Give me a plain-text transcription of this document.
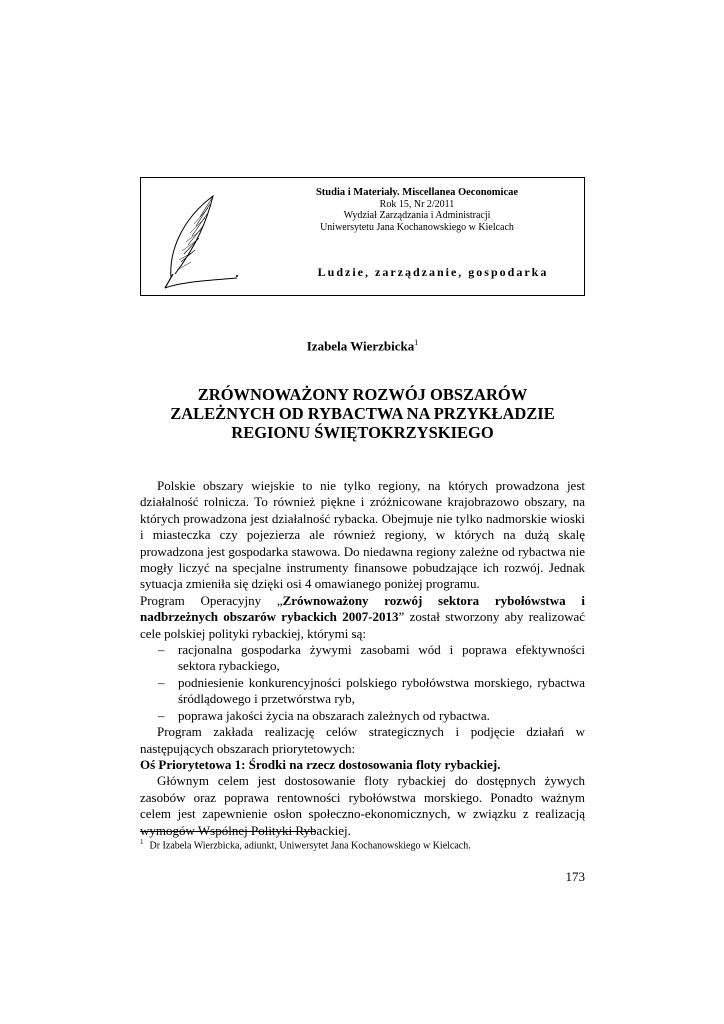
Studia i Materiały. Miscellanea Oeconomicae
Rok 15, Nr 2/2011
Wydział Zarządzania i Administracji
Uniwersytetu Jana Kochanowskiego w Kielcach
Ludzie, zarządzanie, gospodarka
Izabela Wierzbicka$^1$
ZRÓWNOWAŻONY ROZWÓJ OBSZARÓW
ZALEŻNYCH OD RYBACTWA NA PRZYKŁADZIE
REGIONU ŚWIĘTOKRZYSKIEGO

Polskie obszary wiejskie to nie tylko regiony, na których prowadzona jest działalność rolnicza. To również piękne i zróżnicowane krajobrazowo obszary, na których prowadzona jest działalność rybacka. Obejmuje nie tylko nadmorskie wioski i miasteczka czy pojezierza ale również regiony, w których na dużą skalę prowadzona jest gospodarka stawowa. Do niedawna regiony zależne od rybactwa nie mogły liczyć na specjalne instrumenty finansowe pobudzające ich rozwój. Jednak sytuacja zmieniła się dzięki osi 4 omawianego poniżej programu.

Program Operacyjny „Zrównoważony rozwój sektora rybołówstwa i nadbrzeżnych obszarów rybackich 2007-2013” został stworzony aby realizować cele polskiej polityki rybackiej, którymi są:

– racjonalna gospodarka żywymi zasobami wód i poprawa efektywności sektora rybackiego,
– podniesienie konkurencyjności polskiego rybołówstwa morskiego, rybactwa śródlądowego i przetwórstwa ryb,
– poprawa jakości życia na obszarach zależnych od rybactwa.

Program zakłada realizację celów strategicznych i podjęcie działań w następujących obszarach priorytetowych:

Oś Priorytetowa 1: Środki na rzecz dostosowania floty rybackiej.

Głównym celem jest dostosowanie floty rybackiej do dostępnych żywych zasobów oraz poprawa rentowności rybołówstwa morskiego. Ponadto ważnym celem jest zapewnienie osłon społeczno-ekonomicznych, w związku z realizacją wymogów Wspólnej Polityki Rybackiej.

$^1$ Dr Izabela Wierzbicka, adiunkt, Uniwersytet Jana Kochanowskiego w Kielcach.
173
